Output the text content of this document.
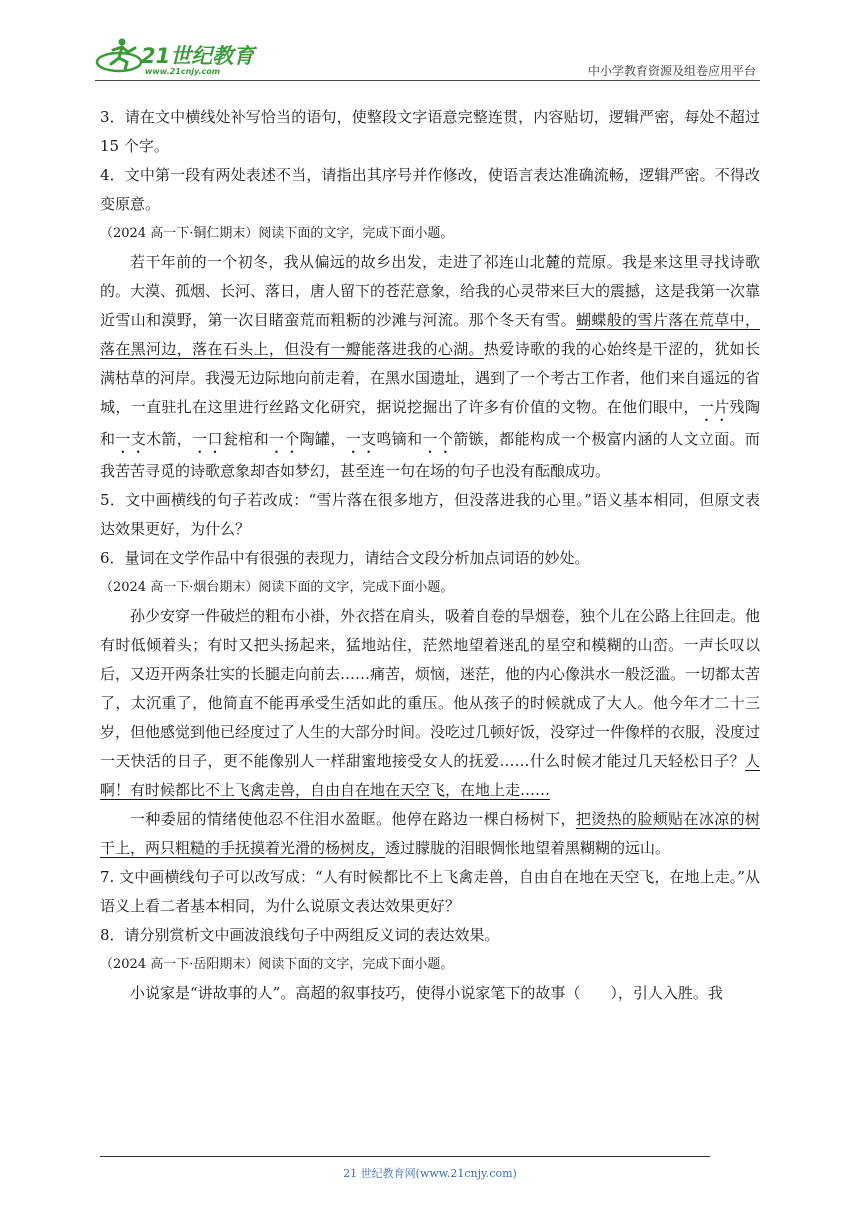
21世纪教育
www.21cnjy.com	中小学教育资源及组卷应用平台

3．请在文中横线处补写恰当的语句，使整段文字语意完整连贯，内容贴切，逻辑严密，每处不超过 15 个字。

4．文中第一段有两处表述不当，请指出其序号并作修改，使语言表达准确流畅，逻辑严密。不得改变原意。

（2024 高一下·铜仁期末）阅读下面的文字，完成下面小题。

若干年前的一个初冬，我从偏远的故乡出发，走进了祁连山北麓的荒原。我是来这里寻找诗歌的。大漠、孤烟、长河、落日，唐人留下的苍茫意象，给我的心灵带来巨大的震撼，这是我第一次靠近雪山和漠野，第一次目睹蛮荒而粗粝的沙滩与河流。那个冬天有雪。蝴蝶般的雪片落在荒草中，落在黑河边，落在石头上，但没有一瓣能落进我的心湖。热爱诗歌的我的心始终是干涩的，犹如长满枯草的河岸。我漫无边际地向前走着，在黑水国遗址，遇到了一个考古工作者，他们来自遥远的省城，一直驻扎在这里进行丝路文化研究，据说挖掘出了许多有价值的文物。在他们眼中，一片残陶和一支木箭，一口瓮棺和一个陶罐，一支鸣镝和一个箭镞，都能构成一个极富内涵的人文立面。而我苦苦寻觅的诗歌意象却杳如梦幻，甚至连一句在场的句子也没有酝酿成功。

5．文中画横线的句子若改成：“雪片落在很多地方，但没落进我的心里。”语义基本相同，但原文表达效果更好，为什么？

6．量词在文学作品中有很强的表现力，请结合文段分析加点词语的妙处。

（2024 高一下·烟台期末）阅读下面的文字，完成下面小题。

孙少安穿一件破烂的粗布小褂，外衣搭在肩头，吸着自卷的旱烟卷，独个儿在公路上往回走。他有时低倾着头；有时又把头扬起来，猛地站住，茫然地望着迷乱的星空和模糊的山峦。一声长叹以后，又迈开两条壮实的长腿走向前去……痛苦，烦恼，迷茫，他的内心像洪水一般泛滥。一切都太苦了，太沉重了，他简直不能再承受生活如此的重压。他从孩子的时候就成了大人。他今年才二十三岁，但他感觉到他已经度过了人生的大部分时间。没吃过几顿好饭，没穿过一件像样的衣服，没度过一天快活的日子，更不能像别人一样甜蜜地接受女人的抚爱……什么时候才能过几天轻松日子？人啊！有时候都比不上飞禽走兽，自由自在地在天空飞，在地上走……

一种委屈的情绪使他忍不住泪水盈眶。他停在路边一棵白杨树下，把烫热的脸颊贴在冰凉的树干上，两只粗糙的手抚摸着光滑的杨树皮，透过朦胧的泪眼惆怅地望着黑糊糊的远山。

7. 文中画横线句子可以改写成：“人有时候都比不上飞禽走兽，自由自在地在天空飞，在地上走。”从语义上看二者基本相同，为什么说原文表达效果更好？

8．请分别赏析文中画波浪线句子中两组反义词的表达效果。

（2024 高一下·岳阳期末）阅读下面的文字，完成下面小题。

小说家是“讲故事的人”。高超的叙事技巧，使得小说家笔下的故事（　　），引人入胜。我

21 世纪教育网(www.21cnjy.com)
